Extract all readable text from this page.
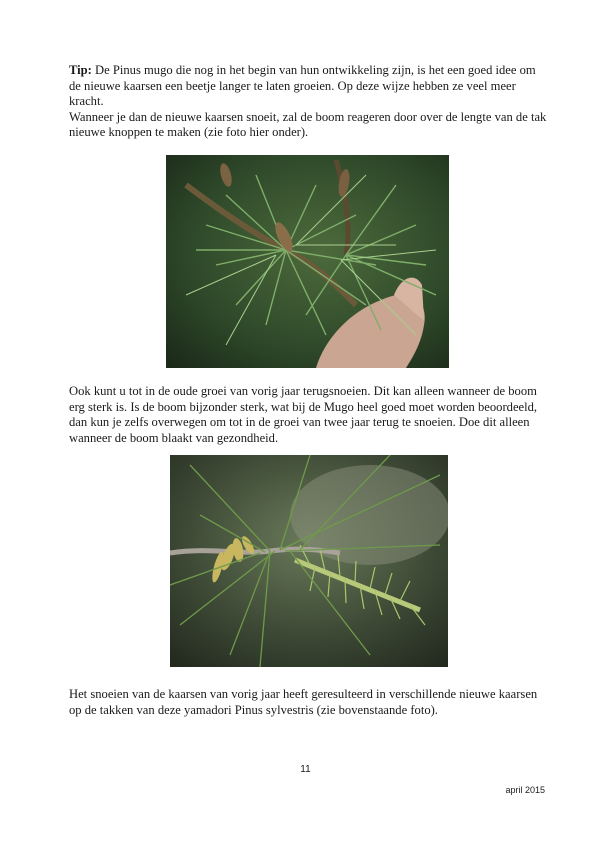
Tip: De Pinus mugo die nog in het begin van hun ontwikkeling zijn, is het een goed idee om de nieuwe kaarsen een beetje langer te laten groeien. Op deze wijze hebben ze veel meer kracht.
Wanneer je dan de nieuwe kaarsen snoeit, zal de boom reageren door over de lengte van de tak nieuwe knoppen te maken (zie foto hier onder).
Ook kunt u tot in de oude groei van vorig jaar terugsnoeien. Dit kan alleen wanneer de boom erg sterk is. Is de boom bijzonder sterk, wat bij de Mugo heel goed moet worden beoordeeld, dan kun je zelfs overwegen om tot in de groei van twee jaar terug te snoeien. Doe dit alleen wanneer de boom blaakt van gezondheid.
Het snoeien van de kaarsen van vorig jaar heeft geresulteerd in verschillende nieuwe kaarsen op de takken van deze yamadori Pinus sylvestris (zie bovenstaande foto).
11
april 2015
